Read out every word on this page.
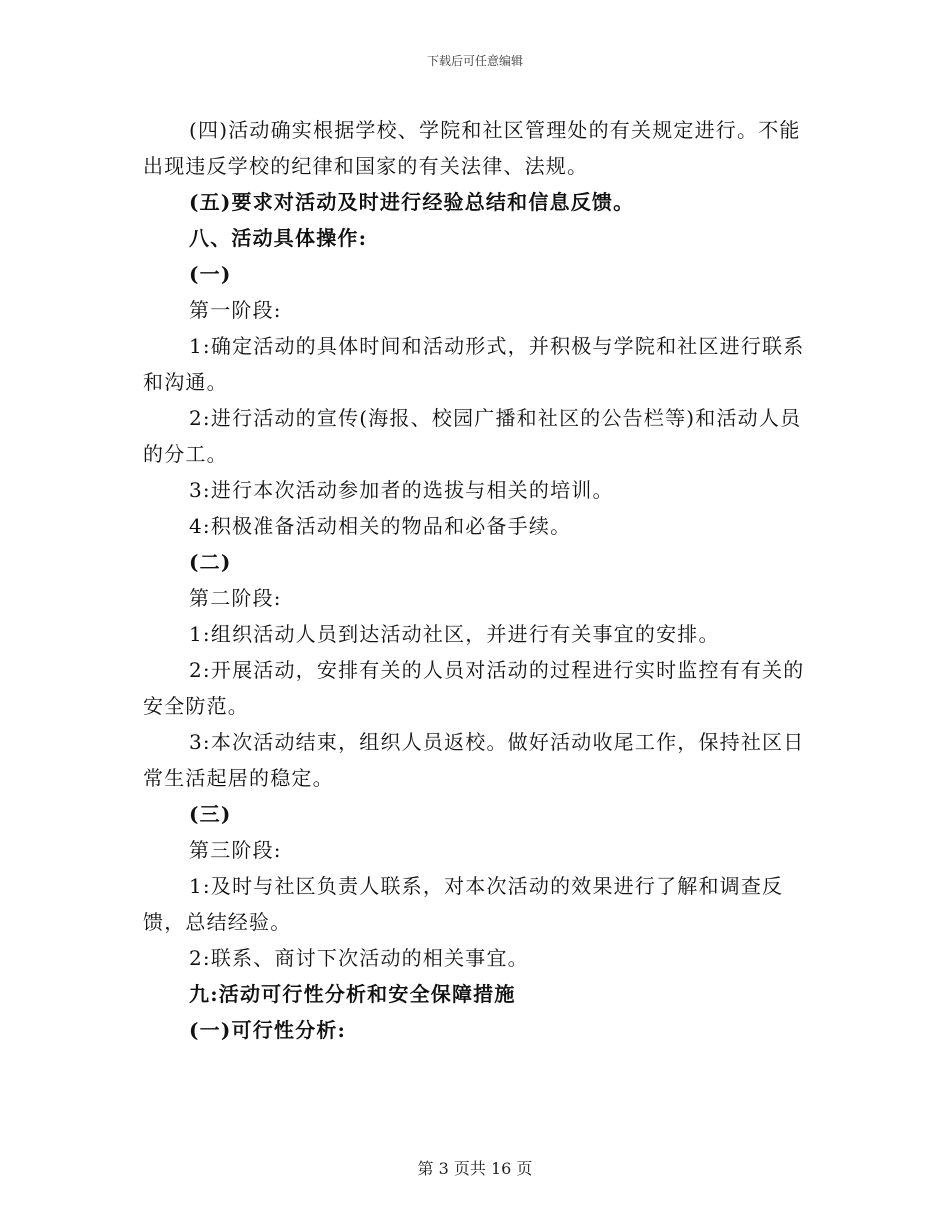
下载后可任意编辑

(四)活动确实根据学校、学院和社区管理处的有关规定进行。不能出现违反学校的纪律和国家的有关法律、法规。

(五)要求对活动及时进行经验总结和信息反馈。

八、活动具体操作:

(一)

第一阶段:

1:确定活动的具体时间和活动形式，并积极与学院和社区进行联系和沟通。

2:进行活动的宣传(海报、校园广播和社区的公告栏等)和活动人员的分工。

3:进行本次活动参加者的选拔与相关的培训。

4:积极准备活动相关的物品和必备手续。

(二)

第二阶段:

1:组织活动人员到达活动社区，并进行有关事宜的安排。

2:开展活动，安排有关的人员对活动的过程进行实时监控有有关的安全防范。

3:本次活动结束，组织人员返校。做好活动收尾工作，保持社区日常生活起居的稳定。

(三)

第三阶段:

1:及时与社区负责人联系，对本次活动的效果进行了解和调查反馈，总结经验。

2:联系、商讨下次活动的相关事宜。

九:活动可行性分析和安全保障措施

(一)可行性分析:

第 3 页共 16 页
